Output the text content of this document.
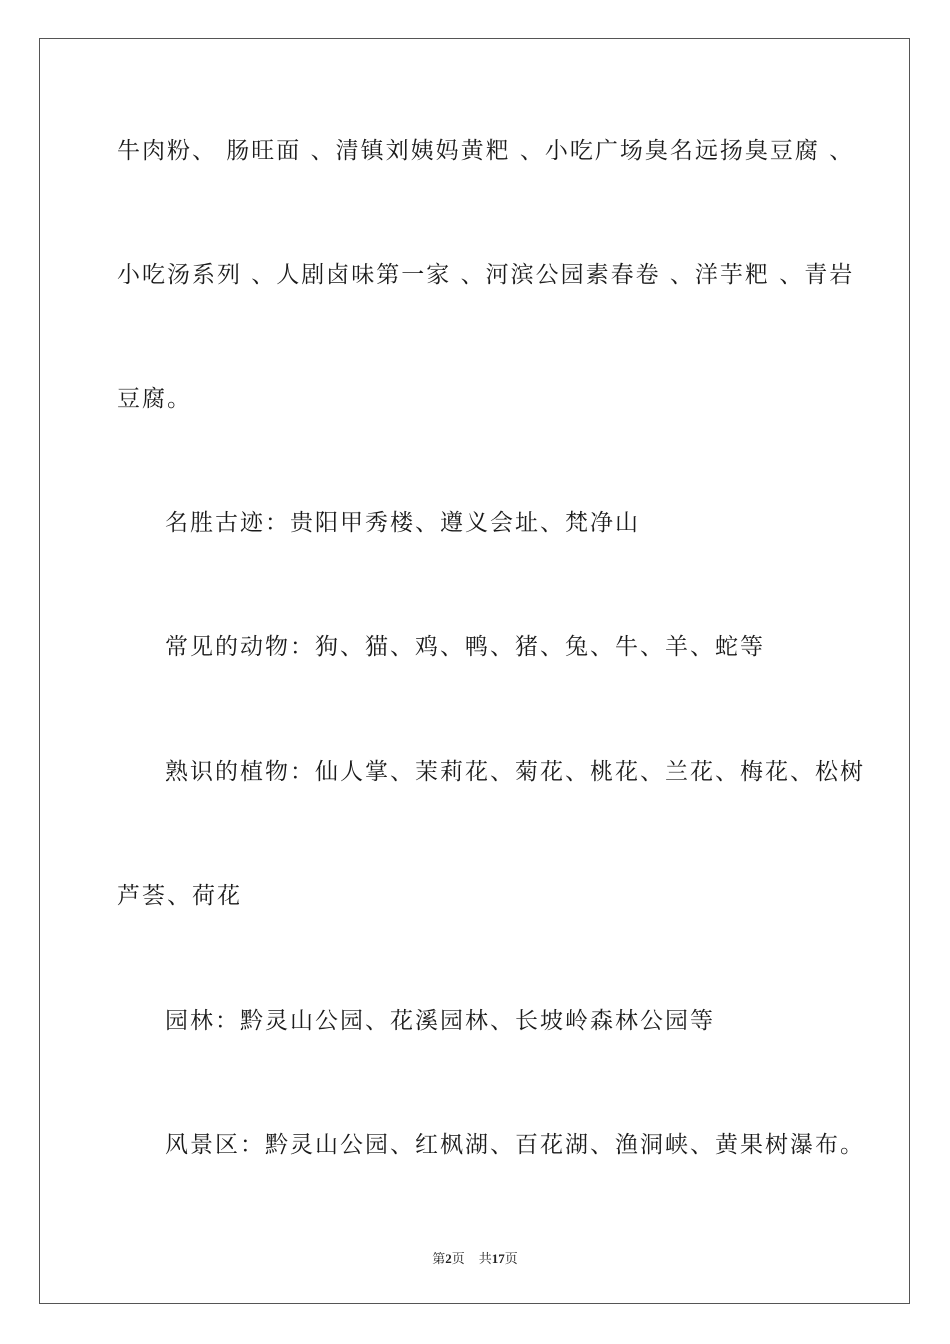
牛肉粉、 肠旺面 、清镇刘姨妈黄粑 、小吃广场臭名远扬臭豆腐 、
小吃汤系列 、人剧卤味第一家 、河滨公园素春卷 、洋芋粑 、青岩
豆腐。
名胜古迹：贵阳甲秀楼、遵义会址、梵净山
常见的动物：狗、猫、鸡、鸭、猪、兔、牛、羊、蛇等
熟识的植物：仙人掌、茉莉花、菊花、桃花、兰花、梅花、松树
芦荟、荷花
园林：黔灵山公园、花溪园林、长坡岭森林公园等
风景区：黔灵山公园、红枫湖、百花湖、渔洞峡、黄果树瀑布。
第2页 共17页
